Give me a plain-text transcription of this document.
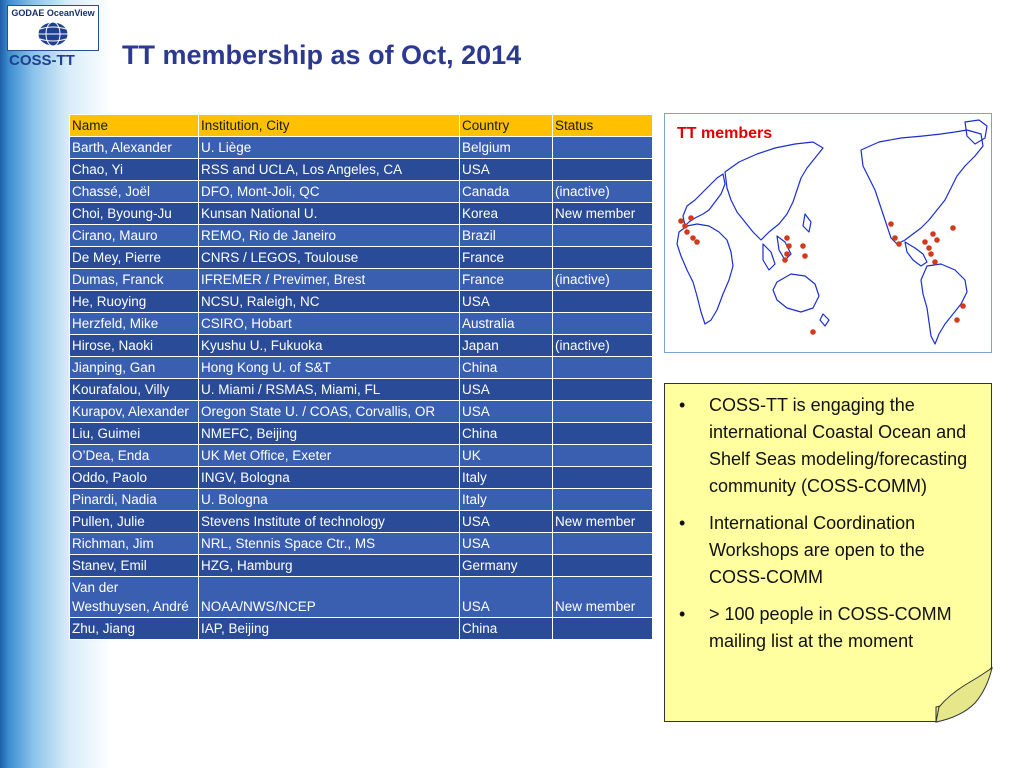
GODAE OceanView
COSS-TT TT membership as of Oct, 2014
Name	Institution, City	Country	Status
Barth, Alexander	U. Liège	Belgium	
Chao, Yi	RSS and UCLA, Los Angeles, CA	USA	
Chassé, Joël	DFO, Mont-Joli, QC	Canada	(inactive)
Choi, Byoung-Ju	Kunsan National U.	Korea	New member
Cirano, Mauro	REMO, Rio de Janeiro	Brazil	
De Mey, Pierre	CNRS / LEGOS, Toulouse	France	
Dumas, Franck	IFREMER / Previmer, Brest	France	(inactive)
He, Ruoying	NCSU, Raleigh, NC	USA	
Herzfeld, Mike	CSIRO, Hobart	Australia	
Hirose, Naoki	Kyushu U., Fukuoka	Japan	(inactive)
Jianping, Gan	Hong Kong U. of S&T	China	
Kourafalou, Villy	U. Miami / RSMAS, Miami, FL	USA	
Kurapov, Alexander	Oregon State U. / COAS, Corvallis, OR	USA	
Liu, Guimei	NMEFC, Beijing	China	
O’Dea, Enda	UK Met Office, Exeter	UK	
Oddo, Paolo	INGV, Bologna	Italy	
Pinardi, Nadia	U. Bologna	Italy	
Pullen, Julie	Stevens Institute of technology	USA	New member
Richman, Jim	NRL, Stennis Space Ctr., MS	USA	
Stanev, Emil	HZG, Hamburg	Germany	
Van der Westhuysen, André	NOAA/NWS/NCEP	USA	New member
Zhu, Jiang	IAP, Beijing	China	
TT members
• COSS-TT is engaging the international Coastal Ocean and Shelf Seas modeling/forecasting community (COSS-COMM)
• International Coordination Workshops are open to the COSS-COMM
• > 100 people in COSS-COMM mailing list at the moment
